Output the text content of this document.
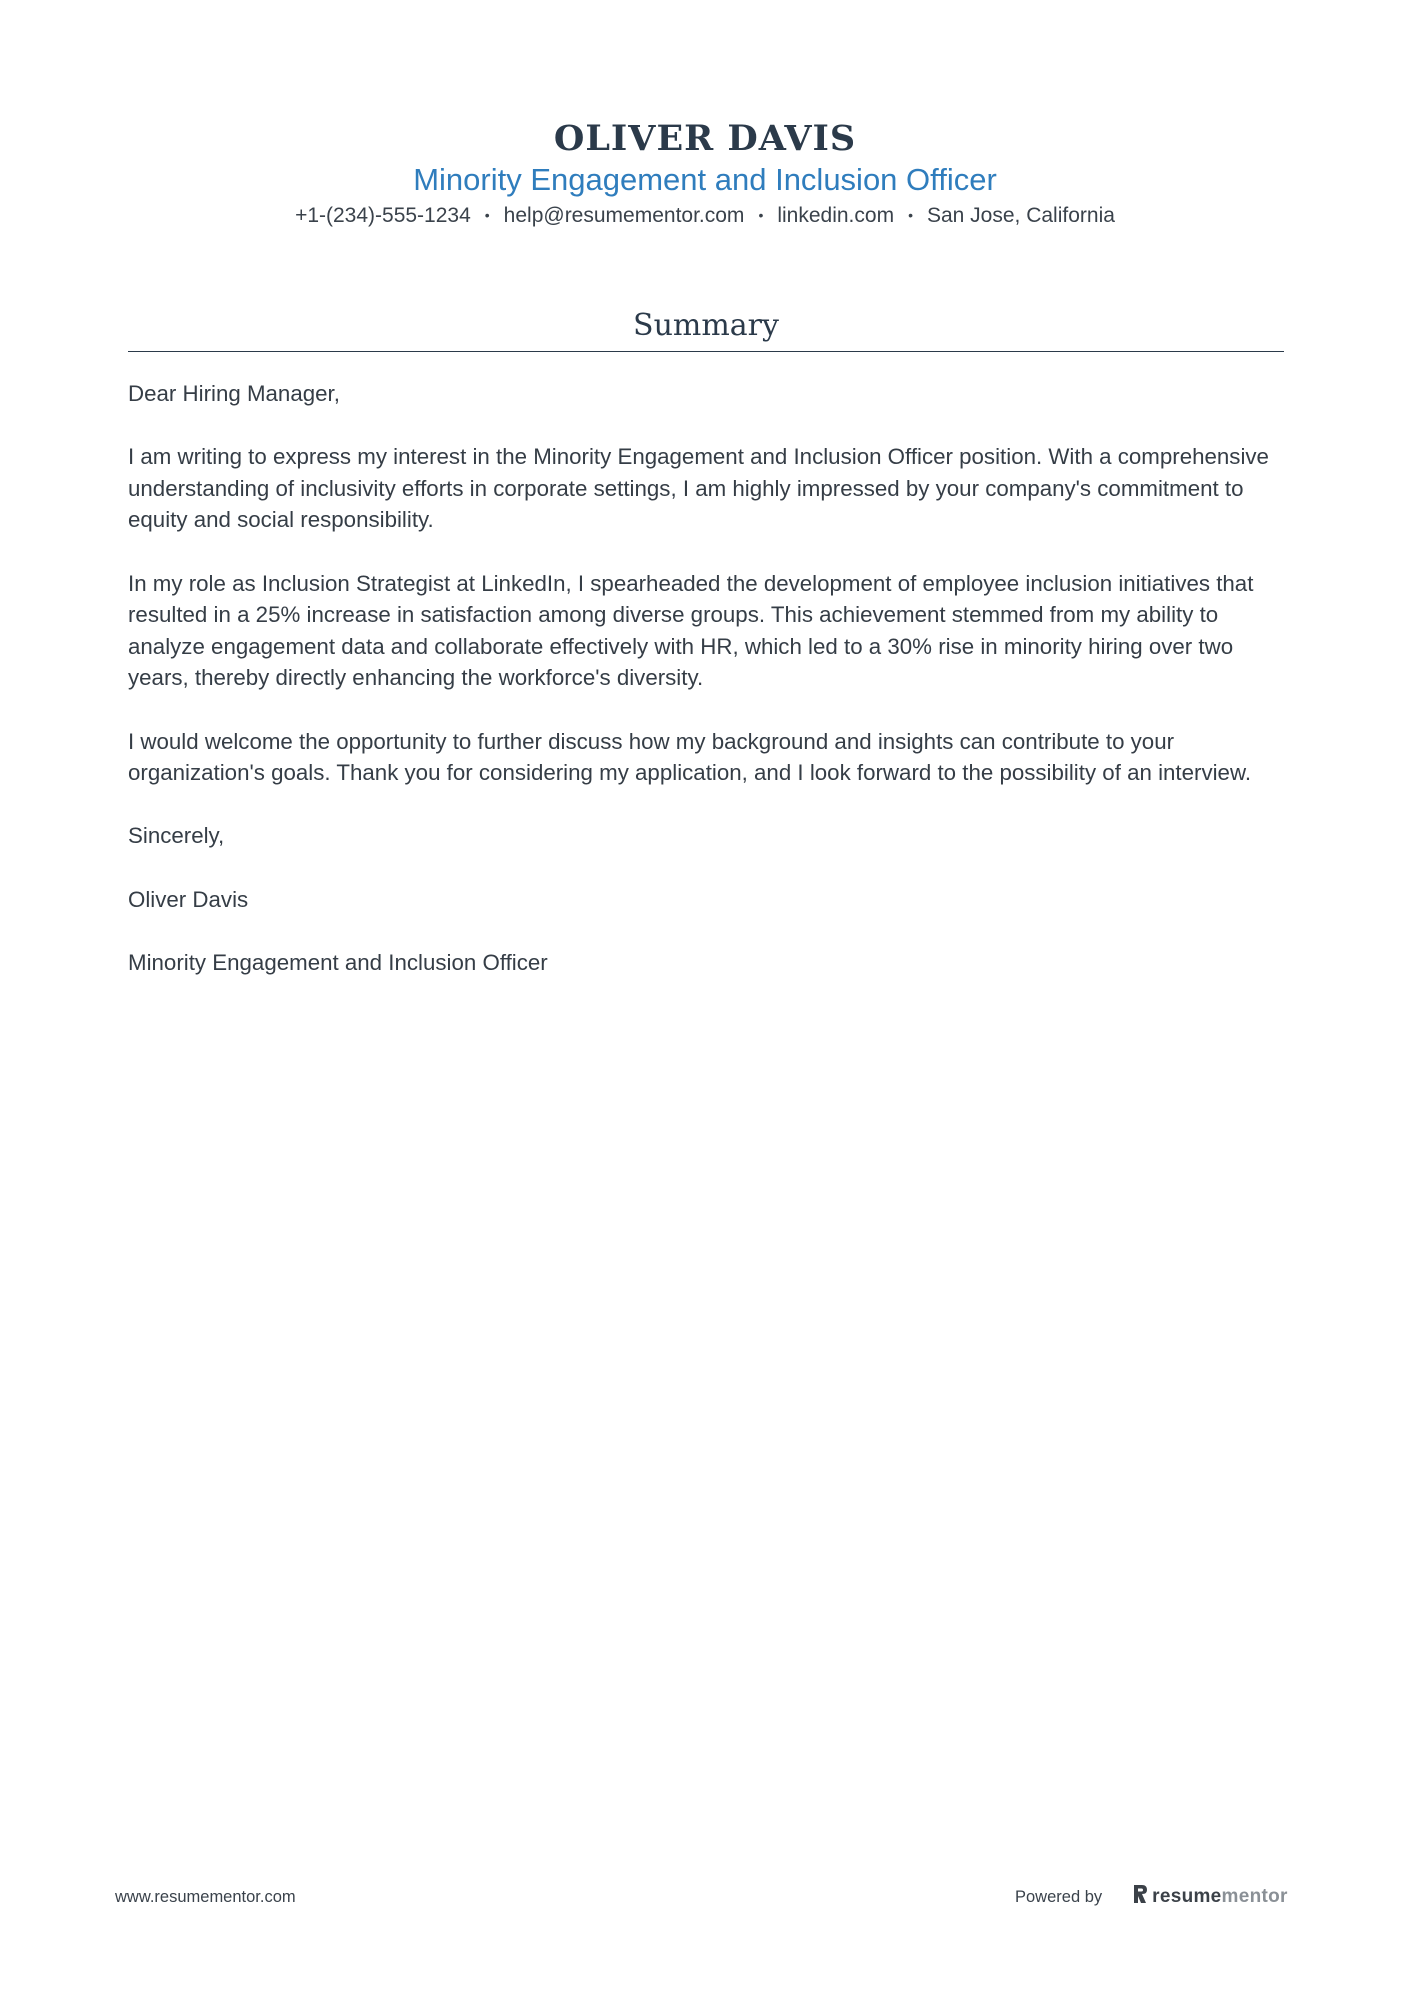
OLIVER DAVIS
Minority Engagement and Inclusion Officer
+1-(234)-555-1234 • help@resumementor.com • linkedin.com • San Jose, California
Summary

Dear Hiring Manager,

I am writing to express my interest in the Minority Engagement and Inclusion Officer position. With a comprehensive understanding of inclusivity efforts in corporate settings, I am highly impressed by your company's commitment to equity and social responsibility.

In my role as Inclusion Strategist at LinkedIn, I spearheaded the development of employee inclusion initiatives that resulted in a 25% increase in satisfaction among diverse groups. This achievement stemmed from my ability to analyze engagement data and collaborate effectively with HR, which led to a 30% rise in minority hiring over two years, thereby directly enhancing the workforce's diversity.

I would welcome the opportunity to further discuss how my background and insights can contribute to your organization's goals. Thank you for considering my application, and I look forward to the possibility of an interview.

Sincerely,

Oliver Davis

Minority Engagement and Inclusion Officer

www.resumementor.com	Powered by	resumementor
